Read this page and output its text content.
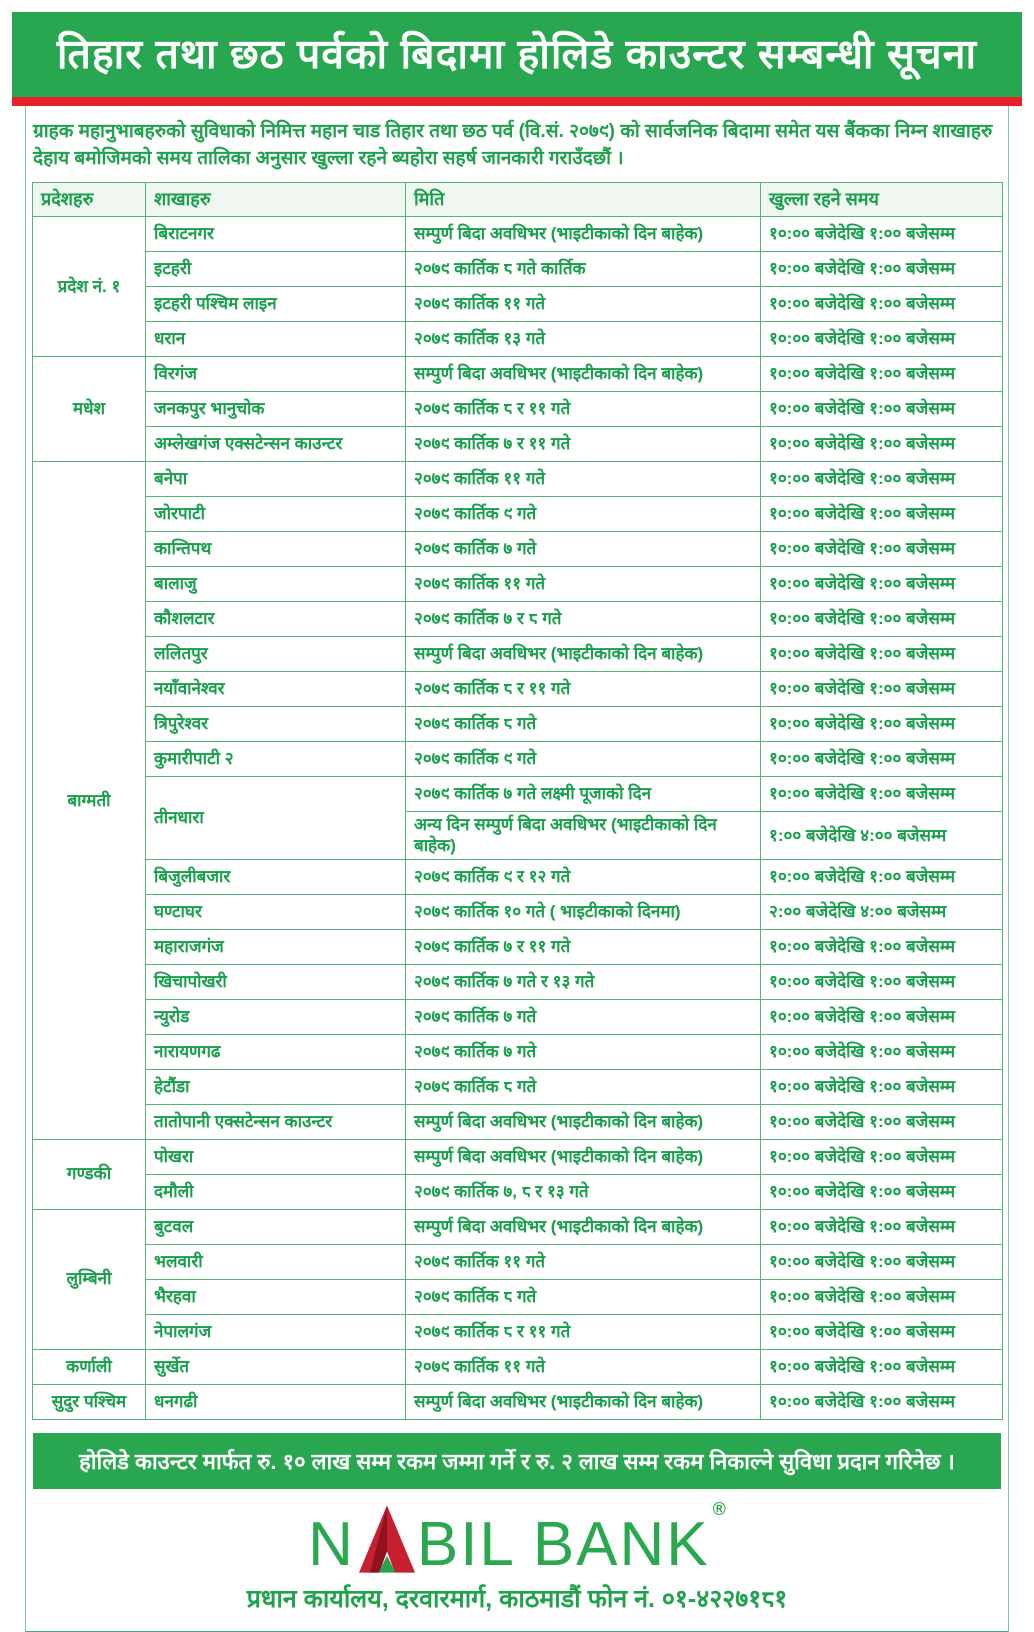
तिहार तथा छठ पर्वको बिदामा होलिडे काउन्टर सम्बन्धी सूचना

ग्राहक महानुभाबहरुको सुविधाको निमित्त महान चाड तिहार तथा छठ पर्व (वि.सं. २०७९) को सार्वजनिक बिदामा समेत यस बैंकका निम्न शाखाहरु देहाय बमोजिमको समय तालिका अनुसार खुल्ला रहने ब्यहोरा सहर्ष जानकारी गराउँदछौं ।

प्रदेशहरु	शाखाहरु	मिति	खुल्ला रहने समय
प्रदेश नं. १	बिराटनगर	सम्पुर्ण बिदा अवधिभर (भाइटीकाको दिन बाहेक)	१०:०० बजेदेखि १:०० बजेसम्म
	इटहरी	२०७९ कार्तिक ८ गते कार्तिक	१०:०० बजेदेखि १:०० बजेसम्म
	इटहरी पश्चिम लाइन	२०७९ कार्तिक ११ गते	१०:०० बजेदेखि १:०० बजेसम्म
	धरान	२०७९ कार्तिक १३ गते	१०:०० बजेदेखि १:०० बजेसम्म
मधेश	विरगंज	सम्पुर्ण बिदा अवधिभर (भाइटीकाको दिन बाहेक)	१०:०० बजेदेखि १:०० बजेसम्म
	जनकपुर भानुचोक	२०७९ कार्तिक ८ र ११ गते	१०:०० बजेदेखि १:०० बजेसम्म
	अम्लेखगंज एक्सटेन्सन काउन्टर	२०७९ कार्तिक ७ र ११ गते	१०:०० बजेदेखि १:०० बजेसम्म
बाग्मती	बनेपा	२०७९ कार्तिक ११ गते	१०:०० बजेदेखि १:०० बजेसम्म
	जोरपाटी	२०७९ कार्तिक ९ गते	१०:०० बजेदेखि १:०० बजेसम्म
	कान्तिपथ	२०७९ कार्तिक ७ गते	१०:०० बजेदेखि १:०० बजेसम्म
	बालाजु	२०७९ कार्तिक ११ गते	१०:०० बजेदेखि १:०० बजेसम्म
	कौशलटार	२०७९ कार्तिक ७ र ८ गते	१०:०० बजेदेखि १:०० बजेसम्म
	ललितपुर	सम्पुर्ण बिदा अवधिभर (भाइटीकाको दिन बाहेक)	१०:०० बजेदेखि १:०० बजेसम्म
	नयाँवानेश्वर	२०७९ कार्तिक ८ र ११ गते	१०:०० बजेदेखि १:०० बजेसम्म
	त्रिपुरेश्वर	२०७९ कार्तिक ८ गते	१०:०० बजेदेखि १:०० बजेसम्म
	कुमारीपाटी २	२०७९ कार्तिक ९ गते	१०:०० बजेदेखि १:०० बजेसम्म
	तीनधारा	२०७९ कार्तिक ७ गते लक्ष्मी पूजाको दिन	१०:०० बजेदेखि १:०० बजेसम्म
		अन्य दिन सम्पुर्ण बिदा अवधिभर (भाइटीकाको दिन बाहेक)	१:०० बजेदेखि ४:०० बजेसम्म
	बिजुलीबजार	२०७९ कार्तिक ९ र १२ गते	१०:०० बजेदेखि १:०० बजेसम्म
	घण्टाघर	२०७९ कार्तिक १० गते ( भाइटीकाको दिनमा)	२:०० बजेदेखि ४:०० बजेसम्म
	महाराजगंज	२०७९ कार्तिक ७ र ११ गते	१०:०० बजेदेखि १:०० बजेसम्म
	खिचापोखरी	२०७९ कार्तिक ७ गते र १३ गते	१०:०० बजेदेखि १:०० बजेसम्म
	न्युरोड	२०७९ कार्तिक ७ गते	१०:०० बजेदेखि १:०० बजेसम्म
	नारायणगढ	२०७९ कार्तिक ७ गते	१०:०० बजेदेखि १:०० बजेसम्म
	हेटौंडा	२०७९ कार्तिक ८ गते	१०:०० बजेदेखि १:०० बजेसम्म
	तातोपानी एक्सटेन्सन काउन्टर	सम्पुर्ण बिदा अवधिभर (भाइटीकाको दिन बाहेक)	१०:०० बजेदेखि १:०० बजेसम्म
गण्डकी	पोखरा	सम्पुर्ण बिदा अवधिभर (भाइटीकाको दिन बाहेक)	१०:०० बजेदेखि १:०० बजेसम्म
	दमौली	२०७९ कार्तिक ७, ८ र १३ गते	१०:०० बजेदेखि १:०० बजेसम्म
लुम्बिनी	बुटवल	सम्पुर्ण बिदा अवधिभर (भाइटीकाको दिन बाहेक)	१०:०० बजेदेखि १:०० बजेसम्म
	भलवारी	२०७९ कार्तिक ११ गते	१०:०० बजेदेखि १:०० बजेसम्म
	भैरहवा	२०७९ कार्तिक ८ गते	१०:०० बजेदेखि १:०० बजेसम्म
	नेपालगंज	२०७९ कार्तिक ८ र ११ गते	१०:०० बजेदेखि १:०० बजेसम्म
कर्णाली	सुर्खेत	२०७९ कार्तिक ११ गते	१०:०० बजेदेखि १:०० बजेसम्म
सुदुर पश्चिम	धनगढी	सम्पुर्ण बिदा अवधिभर (भाइटीकाको दिन बाहेक)	१०:०० बजेदेखि १:०० बजेसम्म
होलिडे काउन्टर मार्फत रु. १० लाख सम्म रकम जम्मा गर्ने र रु. २ लाख सम्म रकम निकाल्ने सुविधा प्रदान गरिनेछ ।
N BIL BANK
®
प्रधान कार्यालय, दरवारमार्ग, काठमाडौं फोन नं. ०१-४२२७१८१
